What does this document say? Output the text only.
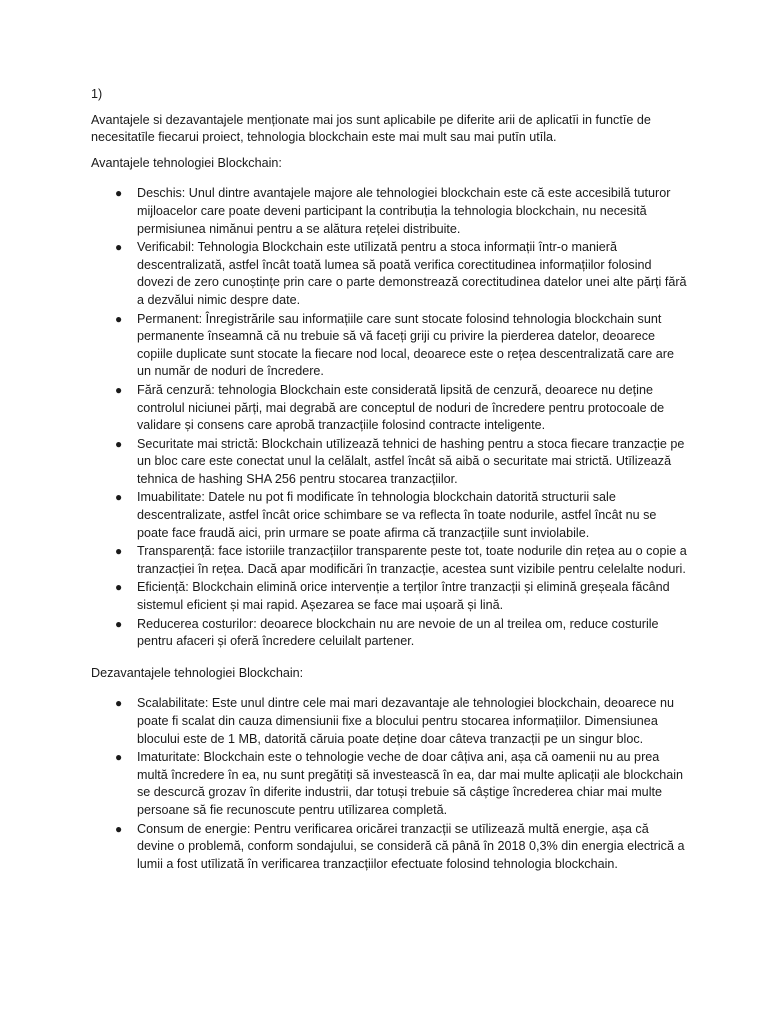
1)

Avantajele si dezavantajele menționate mai jos sunt aplicabile pe diferite arii de aplicatīi in functīe de necesitatīle fiecarui proiect, tehnologia blockchain este mai mult sau mai putīn utīla.

Avantajele tehnologiei Blockchain:

● Deschis: Unul dintre avantajele majore ale tehnologiei blockchain este că este accesibilă tuturor mijloacelor care poate deveni participant la contribuția la tehnologia blockchain, nu necesită permisiunea nimănui pentru a se alătura rețelei distribuite.
● Verificabil: Tehnologia Blockchain este utīlizată pentru a stoca informații într-o manieră descentralizată, astfel încât toată lumea să poată verifica corectitudinea informațiilor folosind dovezi de zero cunoștințe prin care o parte demonstrează corectitudinea datelor unei alte părți fără a dezvălui nimic despre date.
● Permanent: Înregistrările sau informațiile care sunt stocate folosind tehnologia blockchain sunt permanente înseamnă că nu trebuie să vă faceți griji cu privire la pierderea datelor, deoarece copiile duplicate sunt stocate la fiecare nod local, deoarece este o rețea descentralizată care are un număr de noduri de încredere.
● Fără cenzură: tehnologia Blockchain este considerată lipsită de cenzură, deoarece nu deține controlul niciunei părți, mai degrabă are conceptul de noduri de încredere pentru protocoale de validare și consens care aprobă tranzacțiile folosind contracte inteligente.
● Securitate mai strictă: Blockchain utīlizează tehnici de hashing pentru a stoca fiecare tranzacție pe un bloc care este conectat unul la celălalt, astfel încât să aibă o securitate mai strictă. Utīlizează tehnica de hashing SHA 256 pentru stocarea tranzacțiilor.
● Imuabilitate: Datele nu pot fi modificate în tehnologia blockchain datorită structurii sale descentralizate, astfel încât orice schimbare se va reflecta în toate nodurile, astfel încât nu se poate face fraudă aici, prin urmare se poate afirma că tranzacțiile sunt inviolabile.
● Transparență: face istoriile tranzacțiilor transparente peste tot, toate nodurile din rețea au o copie a tranzacției în rețea. Dacă apar modificări în tranzacție, acestea sunt vizibile pentru celelalte noduri.
● Eficiență: Blockchain elimină orice intervenție a terților între tranzacții și elimină greșeala făcând sistemul eficient și mai rapid. Așezarea se face mai ușoară și lină.
● Reducerea costurilor: deoarece blockchain nu are nevoie de un al treilea om, reduce costurile pentru afaceri și oferă încredere celuilalt partener.

Dezavantajele tehnologiei Blockchain:

● Scalabilitate: Este unul dintre cele mai mari dezavantaje ale tehnologiei blockchain, deoarece nu poate fi scalat din cauza dimensiunii fixe a blocului pentru stocarea informațiilor. Dimensiunea blocului este de 1 MB, datorită căruia poate deține doar câteva tranzacții pe un singur bloc.
● Imaturitate: Blockchain este o tehnologie veche de doar câțiva ani, așa că oamenii nu au prea multă încredere în ea, nu sunt pregătiți să investească în ea, dar mai multe aplicații ale blockchain se descurcă grozav în diferite industrii, dar totuși trebuie să câștige încrederea chiar mai multe persoane să fie recunoscute pentru utīlizarea completă.
● Consum de energie: Pentru verificarea oricărei tranzacții se utīlizează multă energie, așa că devine o problemă, conform sondajului, se consideră că până în 2018 0,3% din energia electrică a lumii a fost utīlizată în verificarea tranzacțiilor efectuate folosind tehnologia blockchain.
